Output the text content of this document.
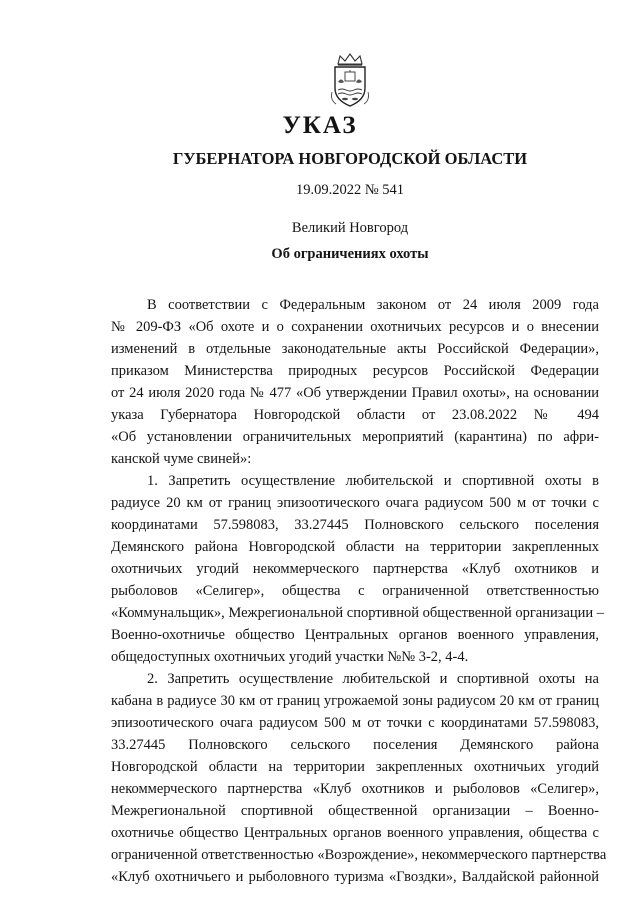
УКАЗ
ГУБЕРНАТОРА НОВГОРОДСКОЙ ОБЛАСТИ
19.09.2022 № 541
Великий Новгород
Об ограничениях охоты
В соответствии с Федеральным законом от 24 июля 2009 года
№ 209-ФЗ «Об охоте и о сохранении охотничьих ресурсов и о внесении
изменений в отдельные законодательные акты Российской Федерации»,
приказом Министерства природных ресурсов Российской Федерации
от 24 июля 2020 года № 477 «Об утверждении Правил охоты», на основании
указа Губернатора Новгородской области от 23.08.2022 № 494
«Об установлении ограничительных мероприятий (карантина) по афри-
канской чуме свиней»:
1. Запретить осуществление любительской и спортивной охоты в
радиусе 20 км от границ эпизоотического очага радиусом 500 м от точки с
координатами 57.598083, 33.27445 Полновского сельского поселения
Демянского района Новгородской области на территории закрепленных
охотничьих угодий некоммерческого партнерства «Клуб охотников и
рыболовов «Селигер», общества с ограниченной ответственностью
«Коммунальщик», Межрегиональной спортивной общественной организации –
Военно-охотничье общество Центральных органов военного управления,
общедоступных охотничьих угодий участки №№ 3-2, 4-4.
2. Запретить осуществление любительской и спортивной охоты на
кабана в радиусе 30 км от границ угрожаемой зоны радиусом 20 км от границ
эпизоотического очага радиусом 500 м от точки с координатами 57.598083,
33.27445 Полновского сельского поселения Демянского района
Новгородской области на территории закрепленных охотничьих угодий
некоммерческого партнерства «Клуб охотников и рыболовов «Селигер»,
Межрегиональной спортивной общественной организации – Военно-
охотничье общество Центральных органов военного управления, общества с
ограниченной ответственностью «Возрождение», некоммерческого партнерства
«Клуб охотничьего и рыболовного туризма «Гвоздки», Валдайской районной
